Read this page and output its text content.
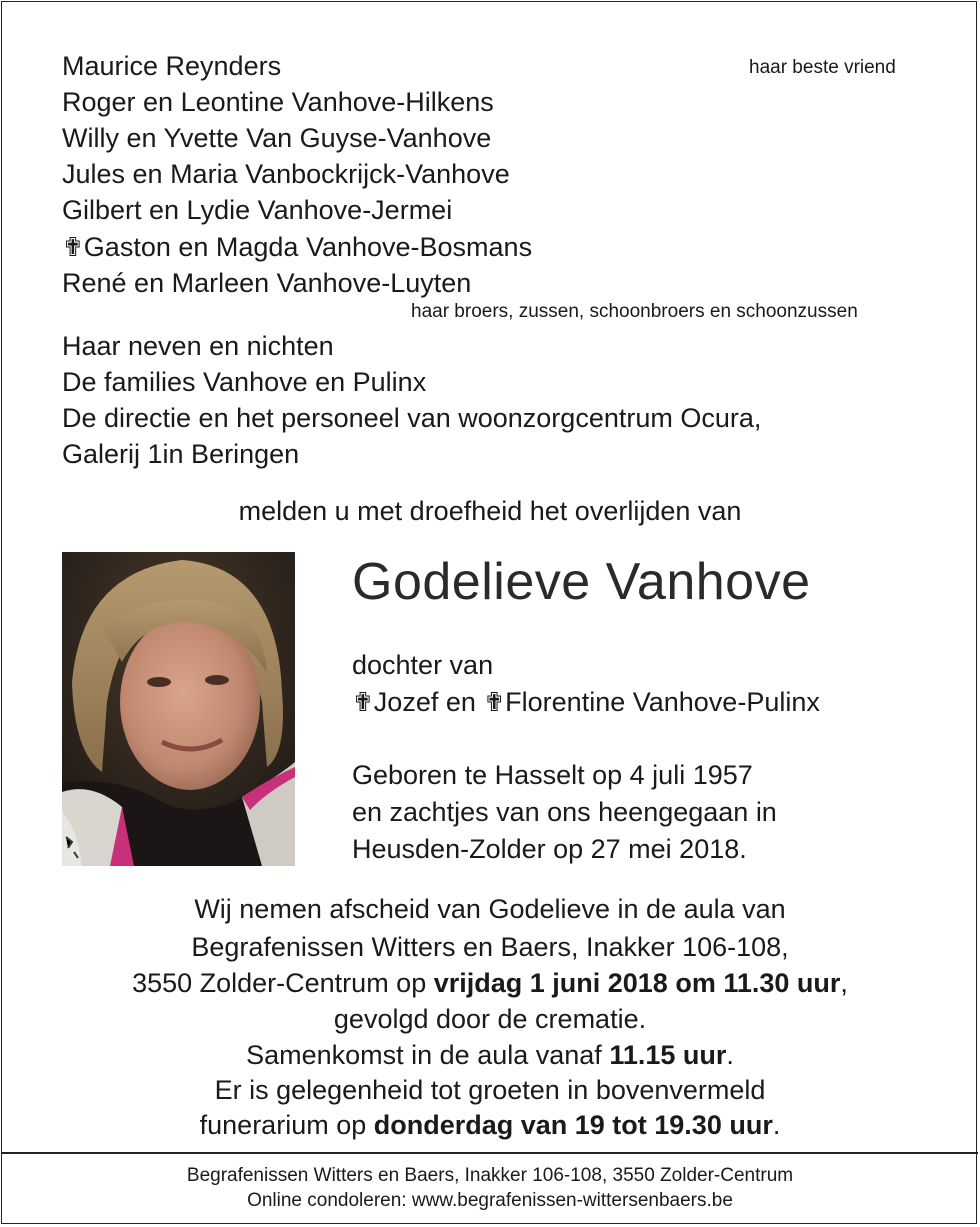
Maurice Reynders	haar beste vriend
Roger en Leontine Vanhove-Hilkens
Willy en Yvette Van Guyse-Vanhove
Jules en Maria Vanbockrijck-Vanhove
Gilbert en Lydie Vanhove-Jermei
✟Gaston en Magda Vanhove-Bosmans
René en Marleen Vanhove-Luyten
haar broers, zussen, schoonbroers en schoonzussen
Haar neven en nichten
De families Vanhove en Pulinx
De directie en het personeel van woonzorgcentrum Ocura,
Galerij 1in Beringen
melden u met droefheid het overlijden van
Godelieve Vanhove
dochter van
✟Jozef en ✟Florentine Vanhove-Pulinx
Geboren te Hasselt op 4 juli 1957
en zachtjes van ons heengegaan in
Heusden-Zolder op 27 mei 2018.
Wij nemen afscheid van Godelieve in de aula van
Begrafenissen Witters en Baers, Inakker 106-108,
3550 Zolder-Centrum op vrijdag 1 juni 2018 om 11.30 uur,
gevolgd door de crematie.
Samenkomst in de aula vanaf 11.15 uur.
Er is gelegenheid tot groeten in bovenvermeld
funerarium op donderdag van 19 tot 19.30 uur.
Begrafenissen Witters en Baers, Inakker 106-108, 3550 Zolder-Centrum
Online condoleren: www.begrafenissen-wittersenbaers.be
